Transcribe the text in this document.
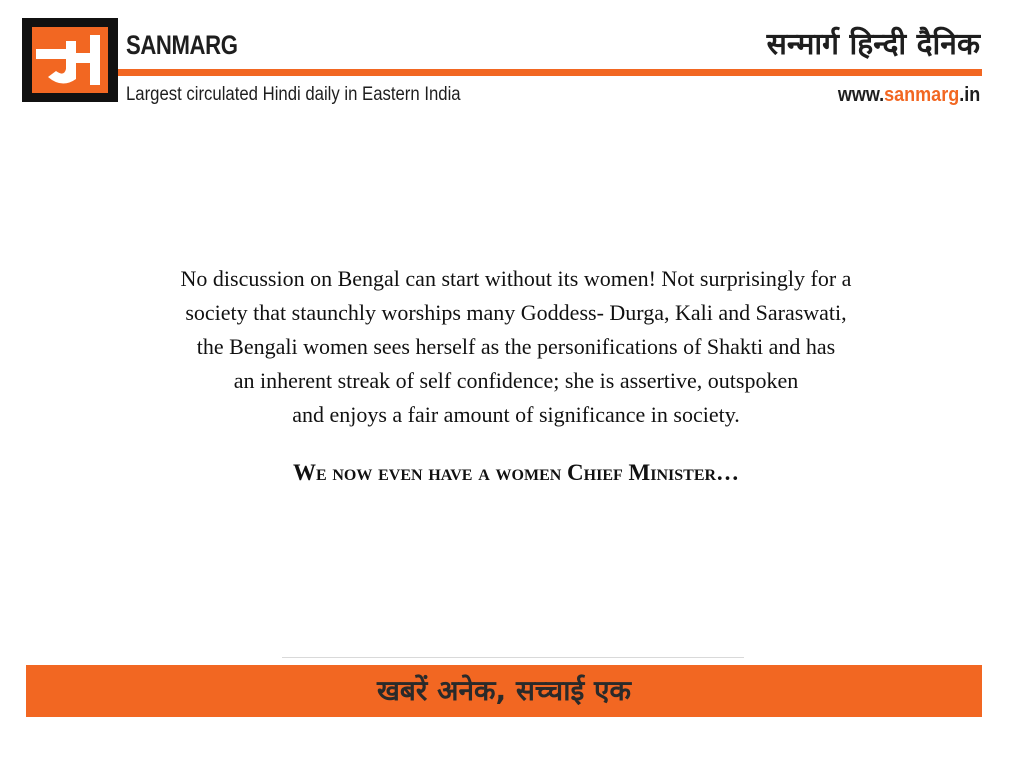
SANMARG	सन्मार्ग हिन्दी दैनिक
Largest circulated Hindi daily in Eastern India	www.sanmarg.in
No discussion on Bengal can start without its women! Not surprisingly for a
society that staunchly worships many Goddess- Durga, Kali and Saraswati,
the Bengali women sees herself as the personifications of Shakti and has
an inherent streak of self confidence; she is assertive, outspoken
and enjoys a fair amount of significance in society.
We now even have a women Chief Minister…
खबरें अनेक, सच्चाई एक
